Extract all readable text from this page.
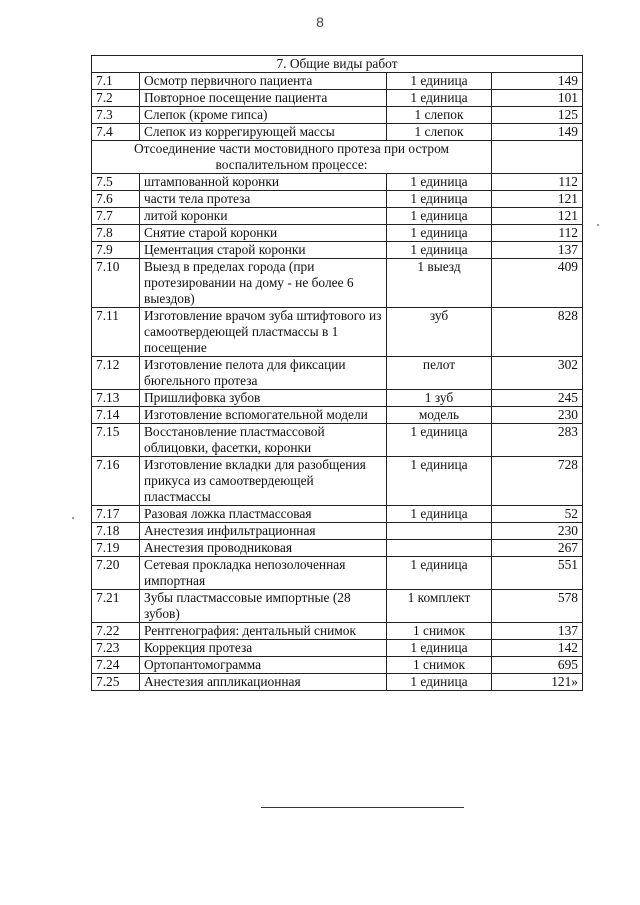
8
7. Общие виды работ			
7.1	Осмотр первичного пациента	1 единица	149
7.2	Повторное посещение пациента	1 единица	101
7.3	Слепок (кроме гипса)	1 слепок	125
7.4	Слепок из коррегирующей массы	1 слепок	149
Отсоединение части мостовидного протеза при остром воспалительном процессе:			
7.5	штампованной коронки	1 единица	112
7.6	части тела протеза	1 единица	121
7.7	литой коронки	1 единица	121
7.8	Снятие старой коронки	1 единица	112
7.9	Цементация старой коронки	1 единица	137
7.10	Выезд в пределах города (при протезировании на дому - не более 6 выездов)	1 выезд	409
7.11	Изготовление врачом зуба штифтового из самоотвердеющей пластмассы в 1 посещение	зуб	828
7.12	Изготовление пелота для фиксации бюгельного протеза	пелот	302
7.13	Пришлифовка зубов	1 зуб	245
7.14	Изготовление вспомогательной модели	модель	230
7.15	Восстановление пластмассовой облицовки, фасетки, коронки	1 единица	283
7.16	Изготовление вкладки для разобщения прикуса из самоотвердеющей пластмассы	1 единица	728
7.17	Разовая ложка пластмассовая	1 единица	52
7.18	Анестезия инфильтрационная		230
7.19	Анестезия проводниковая		267
7.20	Сетевая прокладка непозолоченная импортная	1 единица	551
7.21	Зубы пластмассовые импортные (28 зубов)	1 комплект	578
7.22	Рентгенография: дентальный снимок	1 снимок	137
7.23	Коррекция протеза	1 единица	142
7.24	Ортопантомограмма	1 снимок	695
7.25	Анестезия аппликационная	1 единица	121»
